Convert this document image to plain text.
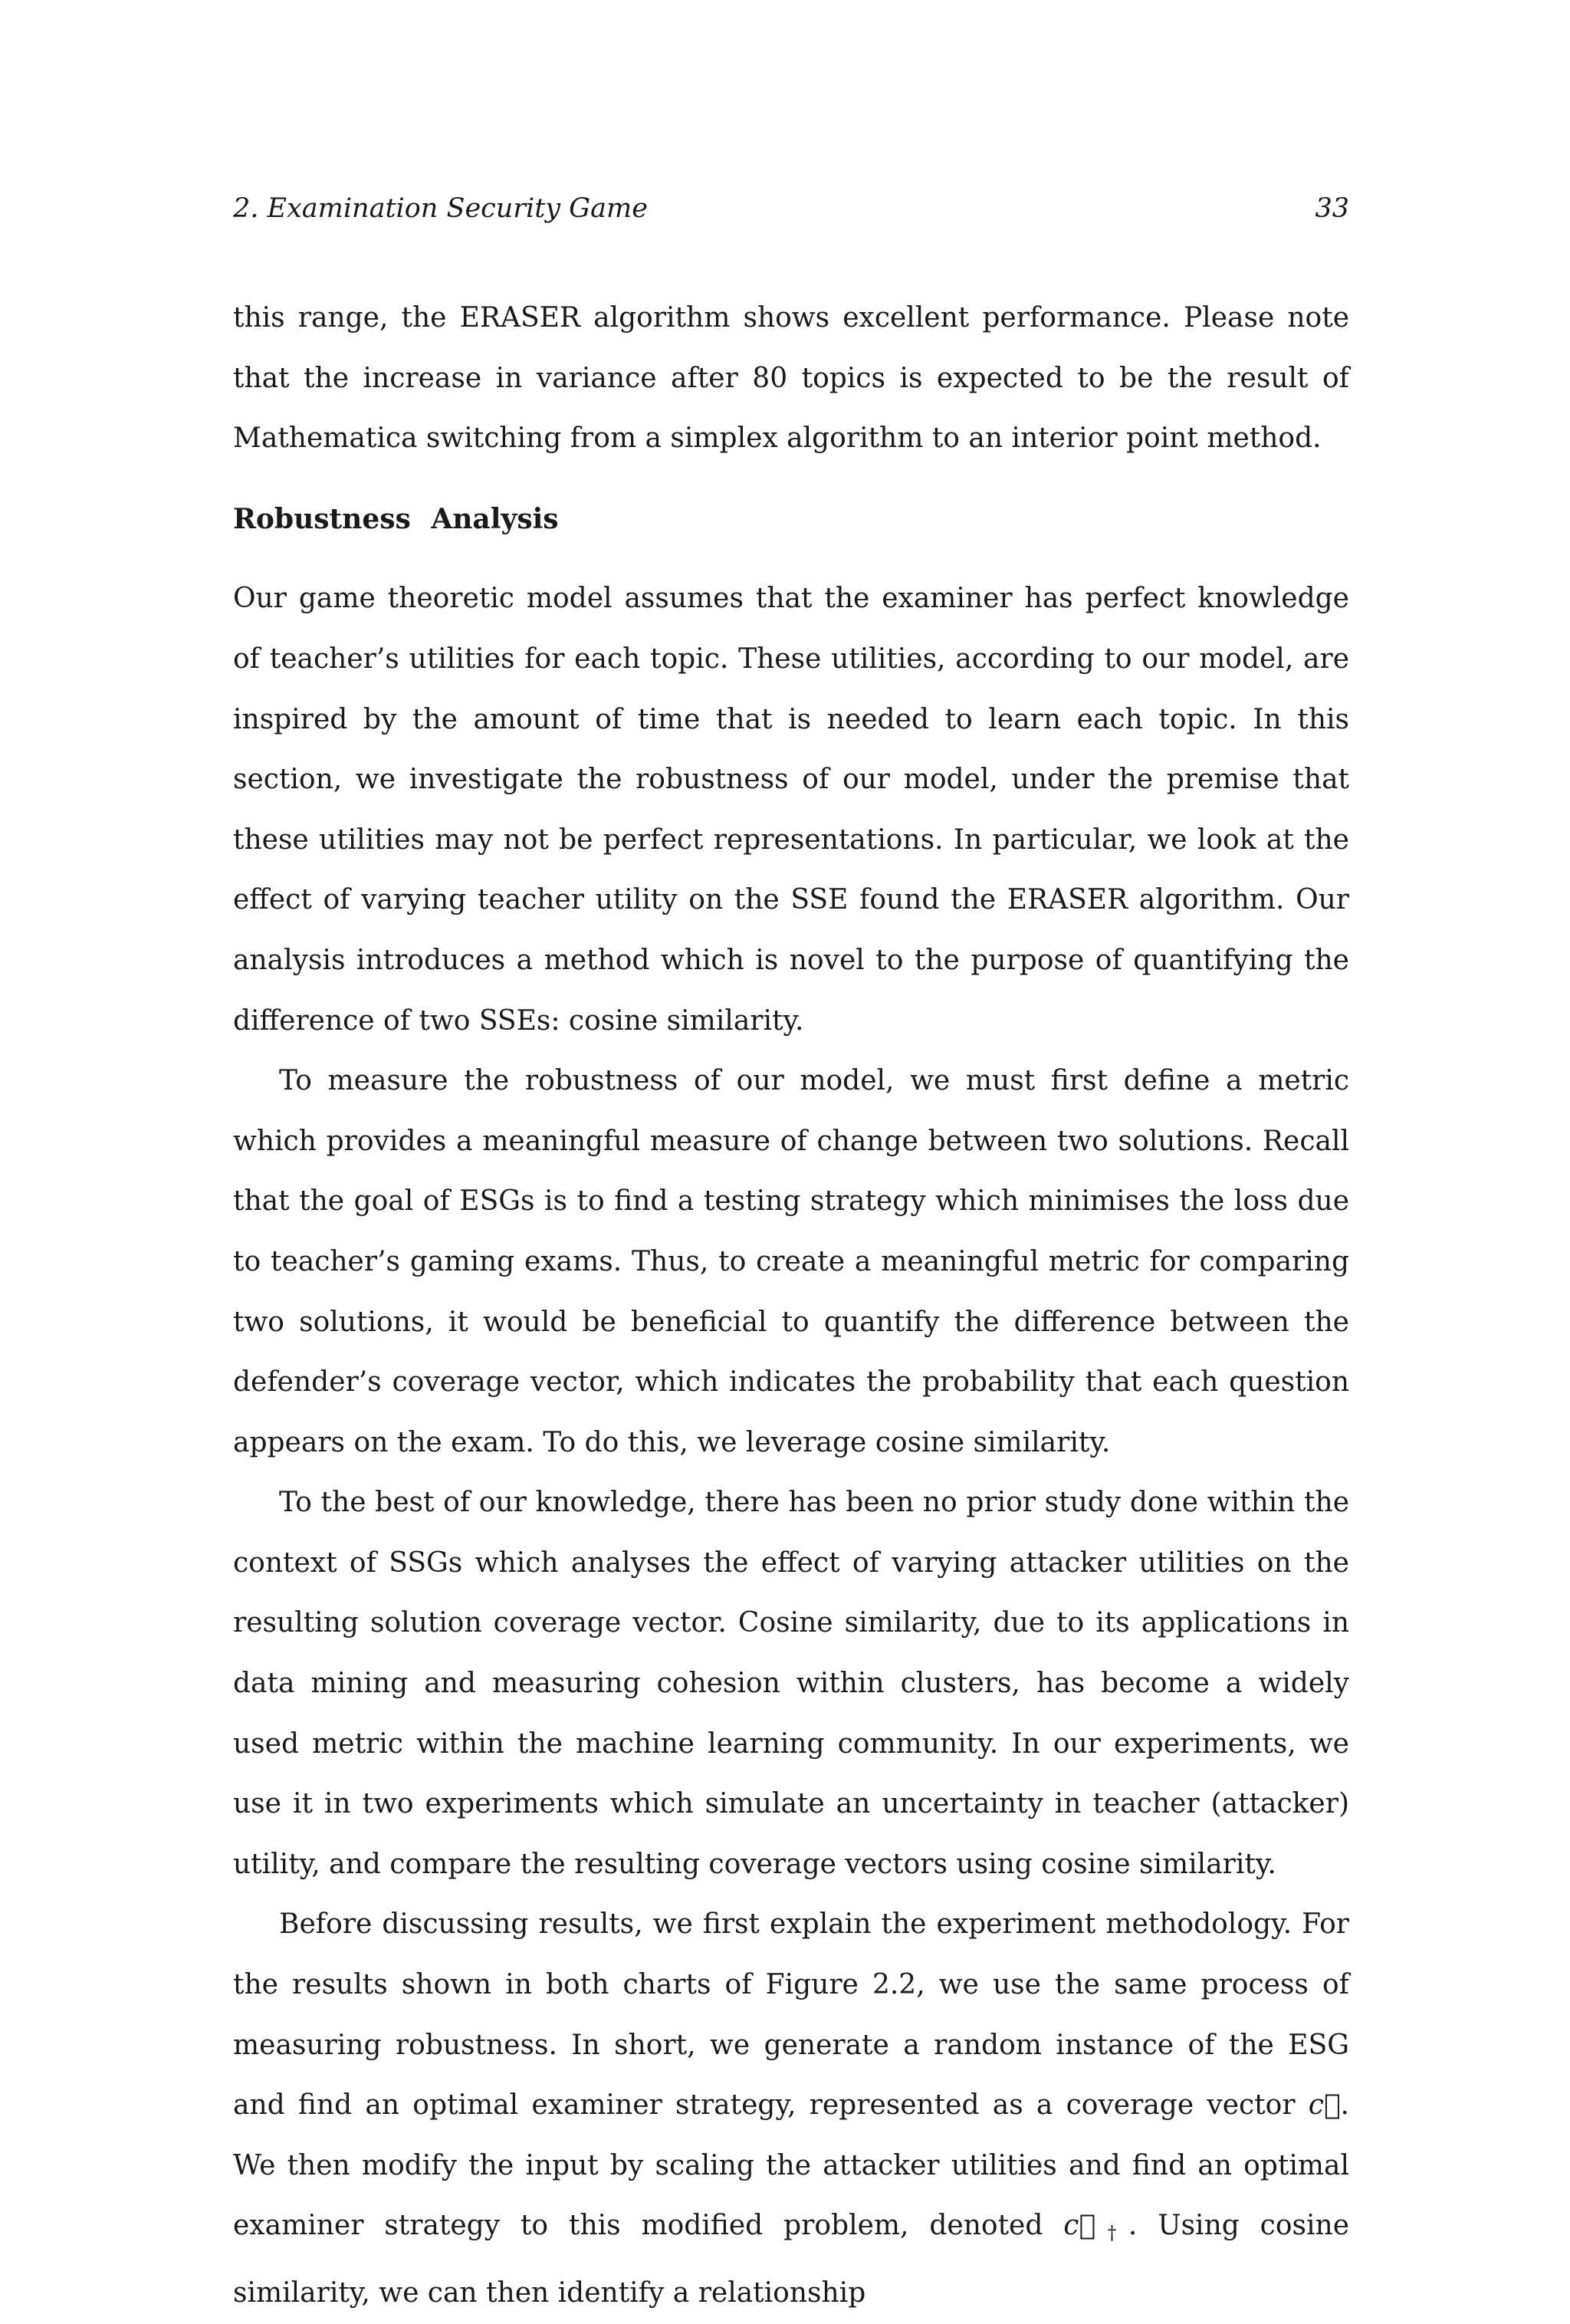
2. Examination Security Game	33

this range, the ERASER algorithm shows excellent performance. Please note that the increase in variance after 80 topics is expected to be the result of Mathematica switching from a simplex algorithm to an interior point method.

Robustness Analysis

Our game theoretic model assumes that the examiner has perfect knowledge of teacher’s utilities for each topic. These utilities, according to our model, are inspired by the amount of time that is needed to learn each topic. In this section, we investigate the robustness of our model, under the premise that these utilities may not be perfect representations. In particular, we look at the effect of varying teacher utility on the SSE found the ERASER algorithm. Our analysis introduces a method which is novel to the purpose of quantifying the difference of two SSEs: cosine similarity.

To measure the robustness of our model, we must first define a metric which provides a meaningful measure of change between two solutions. Recall that the goal of ESGs is to find a testing strategy which minimises the loss due to teacher’s gaming exams. Thus, to create a meaningful metric for comparing two solutions, it would be beneficial to quantify the difference between the defender’s coverage vector, which indicates the probability that each question appears on the exam. To do this, we leverage cosine similarity.

To the best of our knowledge, there has been no prior study done within the context of SSGs which analyses the effect of varying attacker utilities on the resulting solution coverage vector. Cosine similarity, due to its applications in data mining and measuring cohesion within clusters, has become a widely used metric within the machine learning community. In our experiments, we use it in two experiments which simulate an uncertainty in teacher (attacker) utility, and compare the resulting coverage vectors using cosine similarity.

Before discussing results, we first explain the experiment methodology. For the results shown in both charts of Figure 2.2, we use the same process of measuring robustness. In short, we generate a random instance of the ESG and find an optimal examiner strategy, represented as a coverage vector c⃗. We then modify the input by scaling the attacker utilities and find an optimal examiner strategy to this modified problem, denoted $c⃗_\dagger$. Using cosine similarity, we can then identify a relationship
